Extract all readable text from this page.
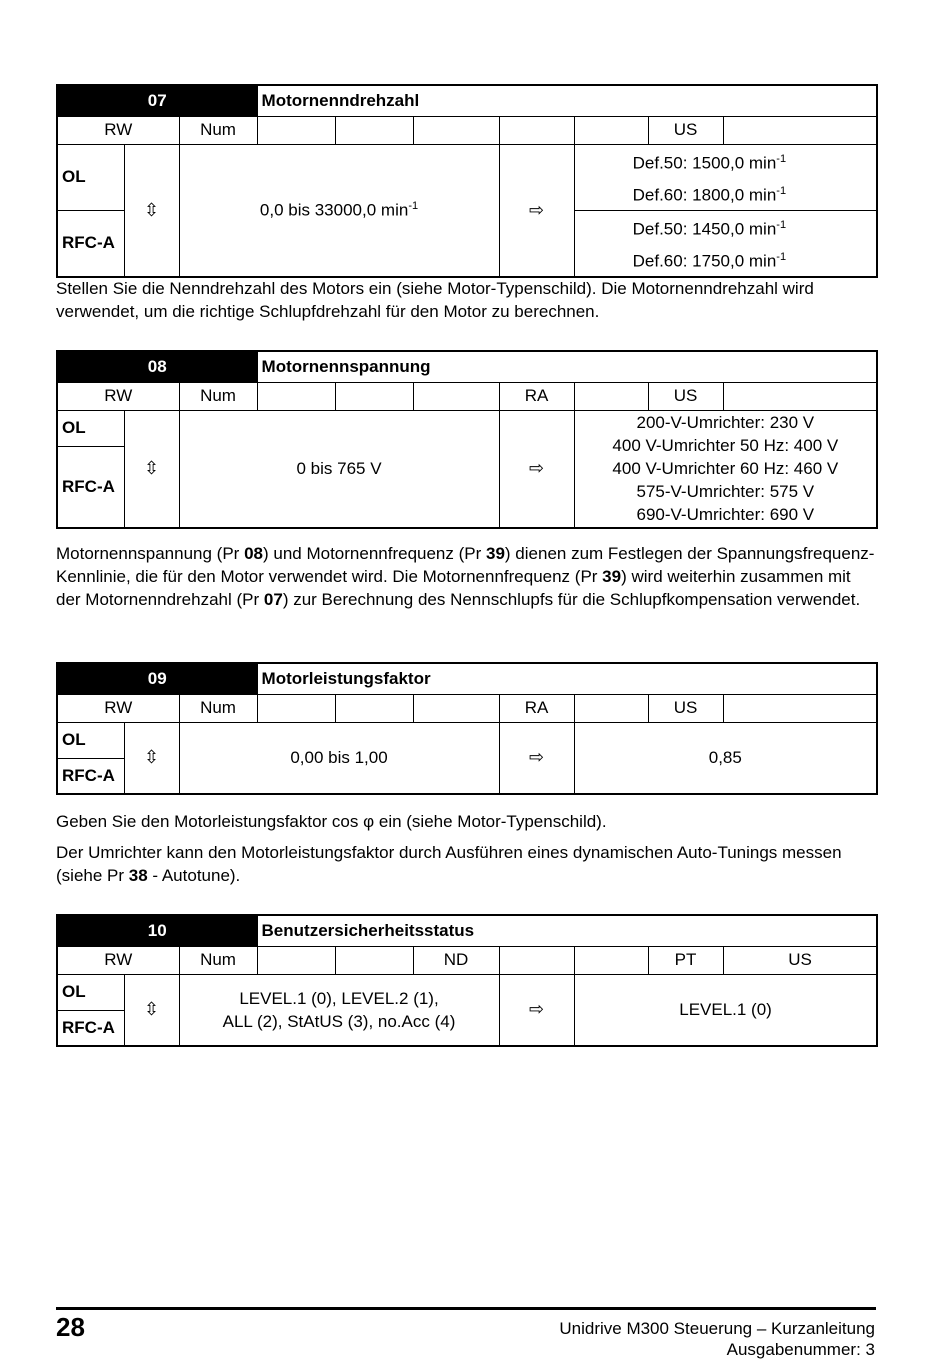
07			Motornenndrehzahl						
RW		Num						US	
OL	⇳	0,0 bis 33000,0 $\min^{-1}$				⇨	Def.50: 1500,0 $\min^{-1}$
Def.60: 1800,0 $\min^{-1}$

RFC-A							Def.50: 1450,0 $\min^{-1}$
Def.60: 1750,0 $\min^{-1}$

Stellen Sie die Nenndrehzahl des Motors ein (siehe Motor-Typenschild). Die Motornenndrehzahl wird verwendet, um die richtige Schlupfdrehzahl für den Motor zu berechnen.

08			Motornennspannung						
RW		Num				RA		US	
OL	⇳	0 bis 765 V				⇨	200-V-Umrichter: 230 V
400 V-Umrichter 50 Hz: 400 V
400 V-Umrichter 60 Hz: 460 V
575-V-Umrichter: 575 V
690-V-Umrichter: 690 V		

RFC-A									

Motornennspannung (Pr 08) und Motornennfrequenz (Pr 39) dienen zum Festlegen der Spannungsfrequenz-Kennlinie, die für den Motor verwendet wird. Die Motornennfrequenz (Pr 39) wird weiterhin zusammen mit der Motornenndrehzahl (Pr 07) zur Berechnung des Nennschlupfs für die Schlupfkompensation verwendet.

09			Motorleistungsfaktor						
RW		Num				RA		US	
OL	⇳	0,00 bis 1,00				⇨	0,85		
RFC-A									

Geben Sie den Motorleistungsfaktor cos φ ein (siehe Motor-Typenschild).

Der Umrichter kann den Motorleistungsfaktor durch Ausführen eines dynamischen Auto-Tunings messen (siehe Pr 38 - Autotune).

10			Benutzersicherheitsstatus							
RW		Num			ND			PT	US	
OL	⇳	LEVEL.1 (0), LEVEL.2 (1),
ALL (2), StAtUS (3), no.Acc (4)				⇨	LEVEL.1 (0)			
RFC-A										
28	Unidrive M300 Steuerung – Kurzanleitung
Ausgabenummer: 3
